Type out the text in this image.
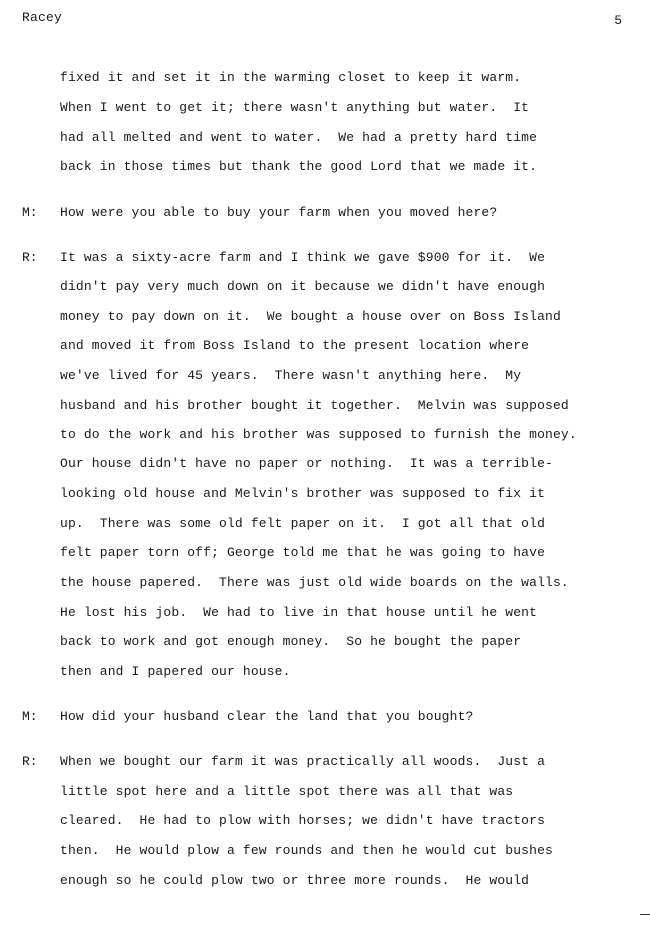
Racey	5
fixed it and set it in the warming closet to keep it warm.
When I went to get it; there wasn't anything but water.  It
had all melted and went to water.  We had a pretty hard time
back in those times but thank the good Lord that we made it.
M: How were you able to buy your farm when you moved here?
R: It was a sixty-acre farm and I think we gave $900 for it.  We
didn't pay very much down on it because we didn't have enough
money to pay down on it.  We bought a house over on Boss Island
and moved it from Boss Island to the present location where
we've lived for 45 years.  There wasn't anything here.  My
husband and his brother bought it together.  Melvin was supposed
to do the work and his brother was supposed to furnish the money.
Our house didn't have no paper or nothing.  It was a terrible-
looking old house and Melvin's brother was supposed to fix it
up.  There was some old felt paper on it.  I got all that old
felt paper torn off; George told me that he was going to have
the house papered.  There was just old wide boards on the walls.
He lost his job.  We had to live in that house until he went
back to work and got enough money.  So he bought the paper
then and I papered our house.
M: How did your husband clear the land that you bought?
R: When we bought our farm it was practically all woods.  Just a
little spot here and a little spot there was all that was
cleared.  He had to plow with horses; we didn't have tractors
then.  He would plow a few rounds and then he would cut bushes
enough so he could plow two or three more rounds.  He would
